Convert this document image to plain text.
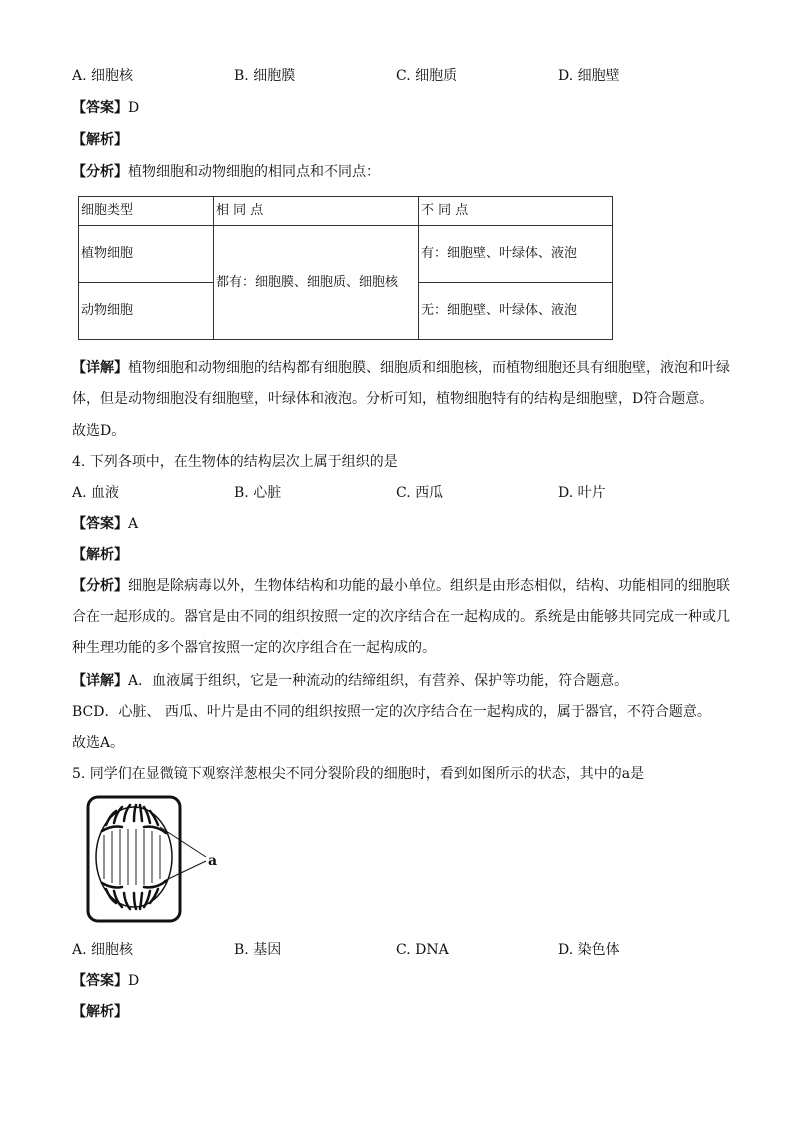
A. 细胞核	B. 细胞膜	C. 细胞质	D. 细胞壁
【答案】D
【解析】
【分析】植物细胞和动物细胞的相同点和不同点：
细胞类型	相 同 点	不 同 点
植物细胞	都有：细胞膜、细胞质、细胞核	有：细胞壁、叶绿体、液泡
动物细胞		无：细胞壁、叶绿体、液泡
【详解】植物细胞和动物细胞的结构都有细胞膜、细胞质和细胞核，而植物细胞还具有细胞壁，液泡和叶绿体，但是动物细胞没有细胞壁，叶绿体和液泡。分析可知，植物细胞特有的结构是细胞壁，D符合题意。
故选D。
4. 下列各项中，在生物体的结构层次上属于组织的是
A. 血液	B. 心脏	C. 西瓜	D. 叶片
【答案】A
【解析】
【分析】细胞是除病毒以外，生物体结构和功能的最小单位。组织是由形态相似，结构、功能相同的细胞联合在一起形成的。器官是由不同的组织按照一定的次序结合在一起构成的。系统是由能够共同完成一种或几种生理功能的多个器官按照一定的次序组合在一起构成的。
【详解】A．血液属于组织，它是一种流动的结缔组织，有营养、保护等功能，符合题意。
BCD．心脏、 西瓜、叶片是由不同的组织按照一定的次序结合在一起构成的，属于器官，不符合题意。
故选A。
5. 同学们在显微镜下观察洋葱根尖不同分裂阶段的细胞时，看到如图所示的状态，其中的a是
a
A. 细胞核	B. 基因	C. DNA	D. 染色体
【答案】D
【解析】
